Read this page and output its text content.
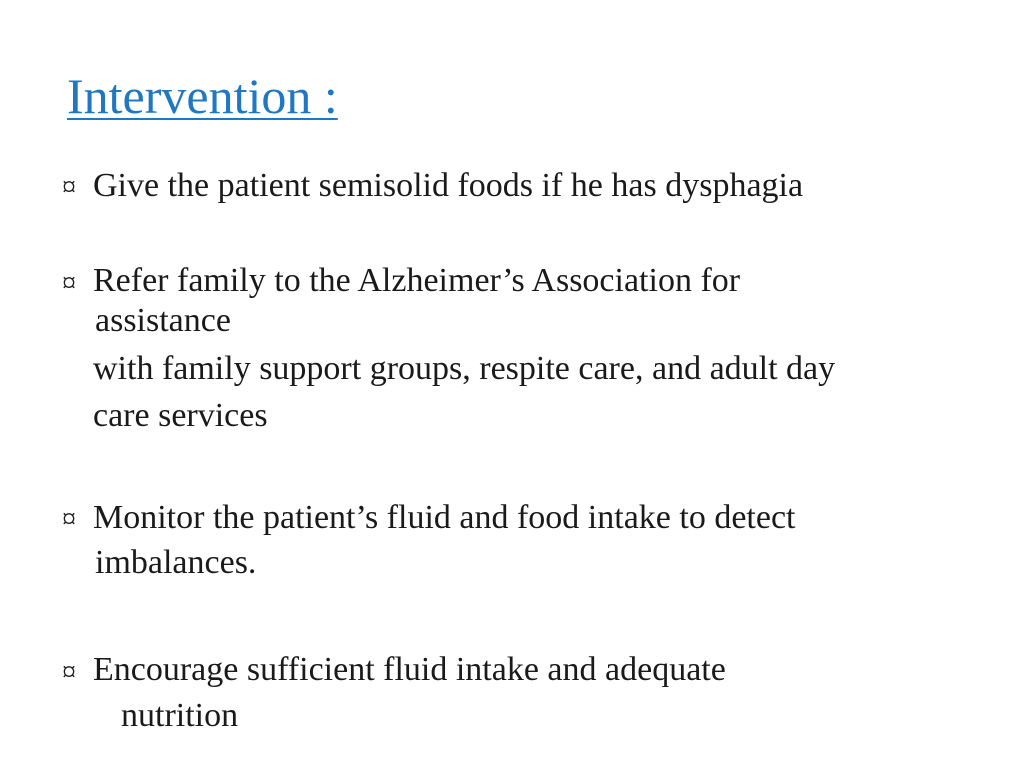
Intervention :
¤ Give the patient semisolid foods if he has dysphagia
¤ Refer family to the Alzheimer’s Association for
assistance
with family support groups, respite care, and adult day
care services
¤ Monitor the patient’s fluid and food intake to detect
imbalances.
¤ Encourage sufficient fluid intake and adequate
nutrition
